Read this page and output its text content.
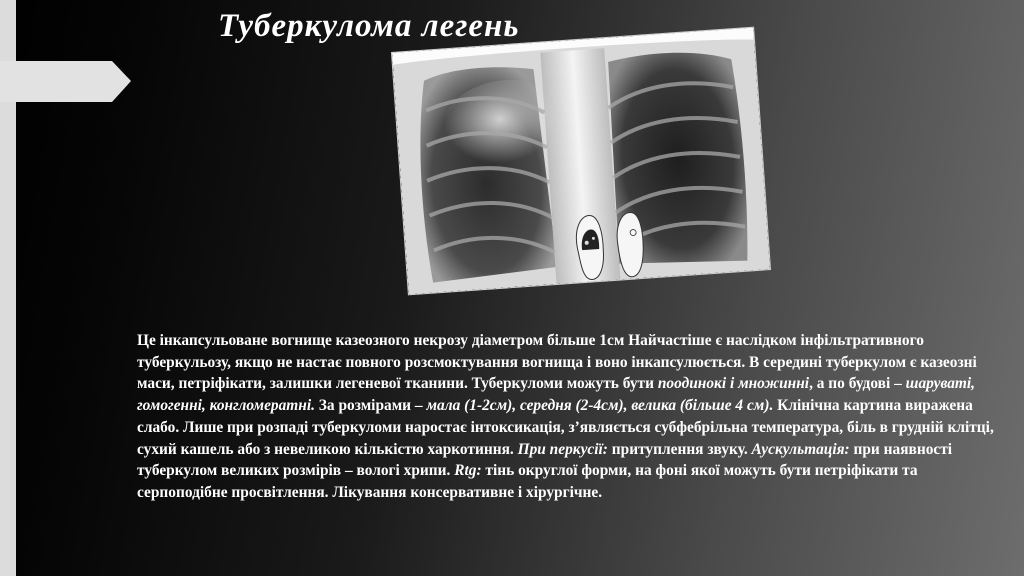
Туберкулома легень

Це інкапсульоване вогнище казеозного некрозу діаметром більше 1см Найчастіше є наслідком інфільтративного туберкульозу, якщо не настає повного розсмоктування вогнища і воно інкапсулюється. В середині туберкулом є казеозні маси, петріфікати, залишки легеневої тканини. Туберкуломи можуть бути поодинокі і множинні, а по будові – шаруваті, гомогенні, конгломератні. За розмірами – мала (1-2см), середня (2-4см), велика (більше 4 см). Клінічна картина виражена слабо. Лише при розпаді туберкуломи наростає інтоксикація, з’являється субфебрільна температура, біль в грудній клітці, сухий кашель або з невеликою кількістю харкотиння. При перкусії: притуплення звуку. Аускультація: при наявності туберкулом великих розмірів – вологі хрипи. Rtg: тінь округлої форми, на фоні якої можуть бути петріфікати та серпоподібне просвітлення. Лікування консервативне і хірургічне.
